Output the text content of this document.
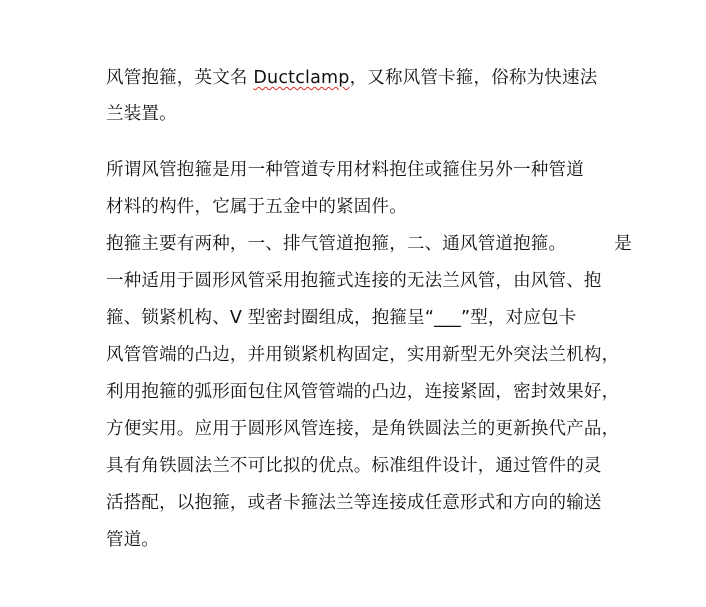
风管抱箍，英文名 Ductclamp，又称风管卡箍，俗称为快速法
兰装置。
所谓风管抱箍是用一种管道专用材料抱住或箍住另外一种管道
材料的构件，它属于五金中的紧固件。
抱箍主要有两种，一、排气管道抱箍，二、通风管道抱箍。	是
一种适用于圆形风管采用抱箍式连接的无法兰风管，由风管、抱
箍、锁紧机构、V 型密封圈组成，抱箍呈“___”型，对应包卡
风管管端的凸边，并用锁紧机构固定，实用新型无外突法兰机构，
利用抱箍的弧形面包住风管管端的凸边，连接紧固，密封效果好，
方便实用。应用于圆形风管连接，是角铁圆法兰的更新换代产品，
具有角铁圆法兰不可比拟的优点。标准组件设计，通过管件的灵
活搭配，以抱箍，或者卡箍法兰等连接成任意形式和方向的输送
管道。
